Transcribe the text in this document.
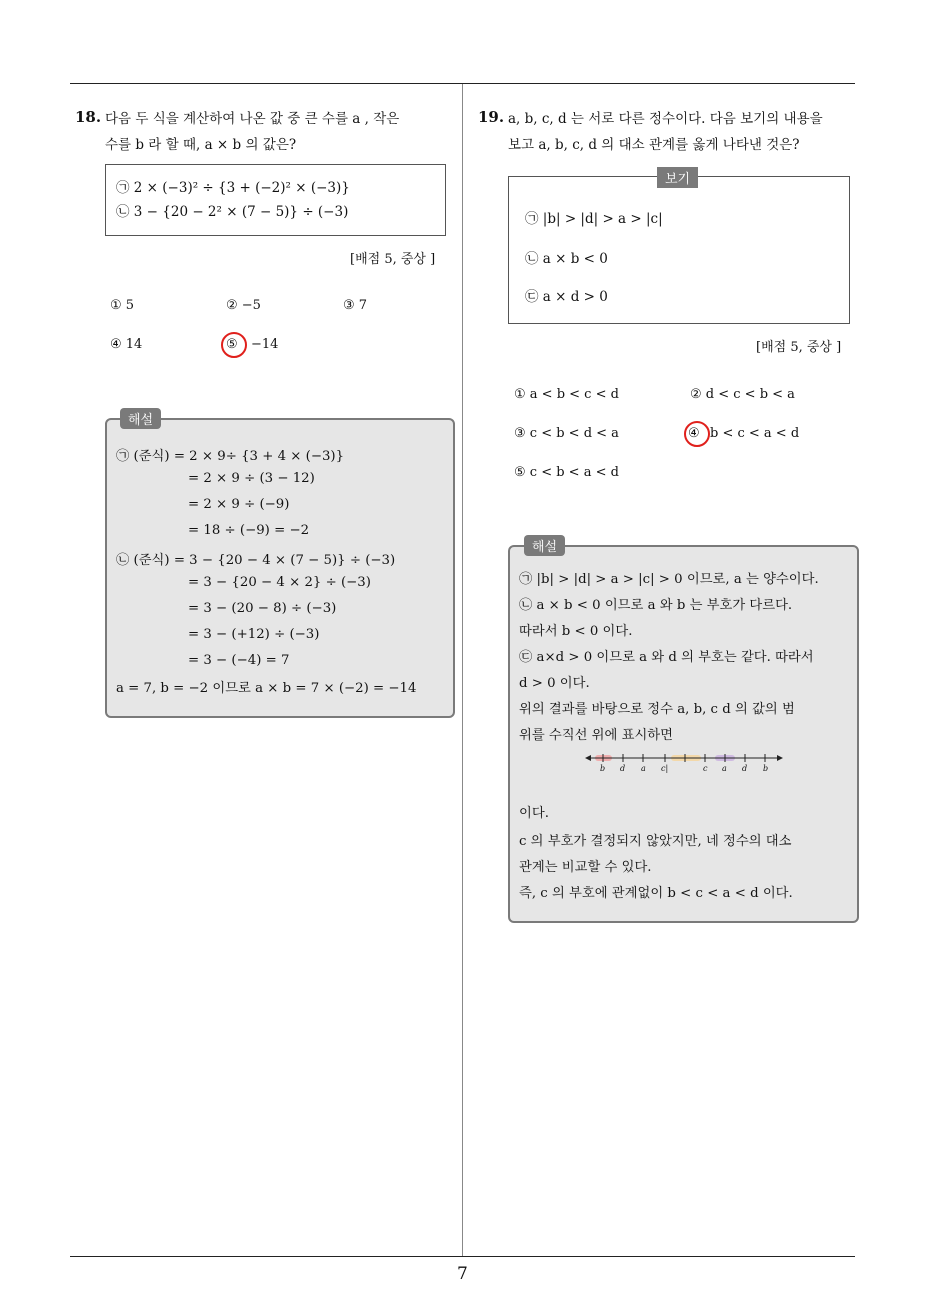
7
18. 다음 두 식을 계산하여 나온 값 중 큰 수를 a , 작은
수를 b 라 할 때, a × b 의 값은?
㉠ 2 × (−3)² ÷ {3 + (−2)² × (−3)}
㉡ 3 − {20 − 2² × (7 − 5)} ÷ (−3)
[배점 5, 중상 ]
① 5	② −5	③ 7
④ 14	⑤ −14
해설
㉠ (준식) = 2 × 9÷ {3 + 4 × (−3)}
= 2 × 9 ÷ (3 − 12)
= 2 × 9 ÷ (−9)
= 18 ÷ (−9) = −2
㉡ (준식) = 3 − {20 − 4 × (7 − 5)} ÷ (−3)
= 3 − {20 − 4 × 2} ÷ (−3)
= 3 − (20 − 8) ÷ (−3)
= 3 − (+12) ÷ (−3)
= 3 − (−4) = 7
a = 7, b = −2 이므로 a × b = 7 × (−2) = −14
19. a, b, c, d 는 서로 다른 정수이다. 다음 보기의 내용을
보고 a, b, c, d 의 대소 관계를 옳게 나타낸 것은?
㉠ |b| > |d| > a > |c|
㉡ a × b < 0
㉢ a × d > 0
보기
[배점 5, 중상 ]
① a < b < c < d	② d < c < b < a
③ c < b < d < a	④ b < c < a < d
⑤ c < b < a < d
해설
㉠ |b| > |d| > a > |c| > 0 이므로, a 는 양수이다.
㉡ a × b < 0 이므로 a 와 b 는 부호가 다르다.
따라서 b < 0 이다.
㉢ a×d > 0 이므로 a 와 d 의 부호는 같다. 따라서
d > 0 이다.
위의 결과를 바탕으로 정수 a, b, c d 의 값의 범
위를 수직선 위에 표시하면
b d a c|	c a d b
이다.
c 의 부호가 결정되지 않았지만, 네 정수의 대소
관계는 비교할 수 있다.
즉, c 의 부호에 관계없이 b < c < a < d 이다.
